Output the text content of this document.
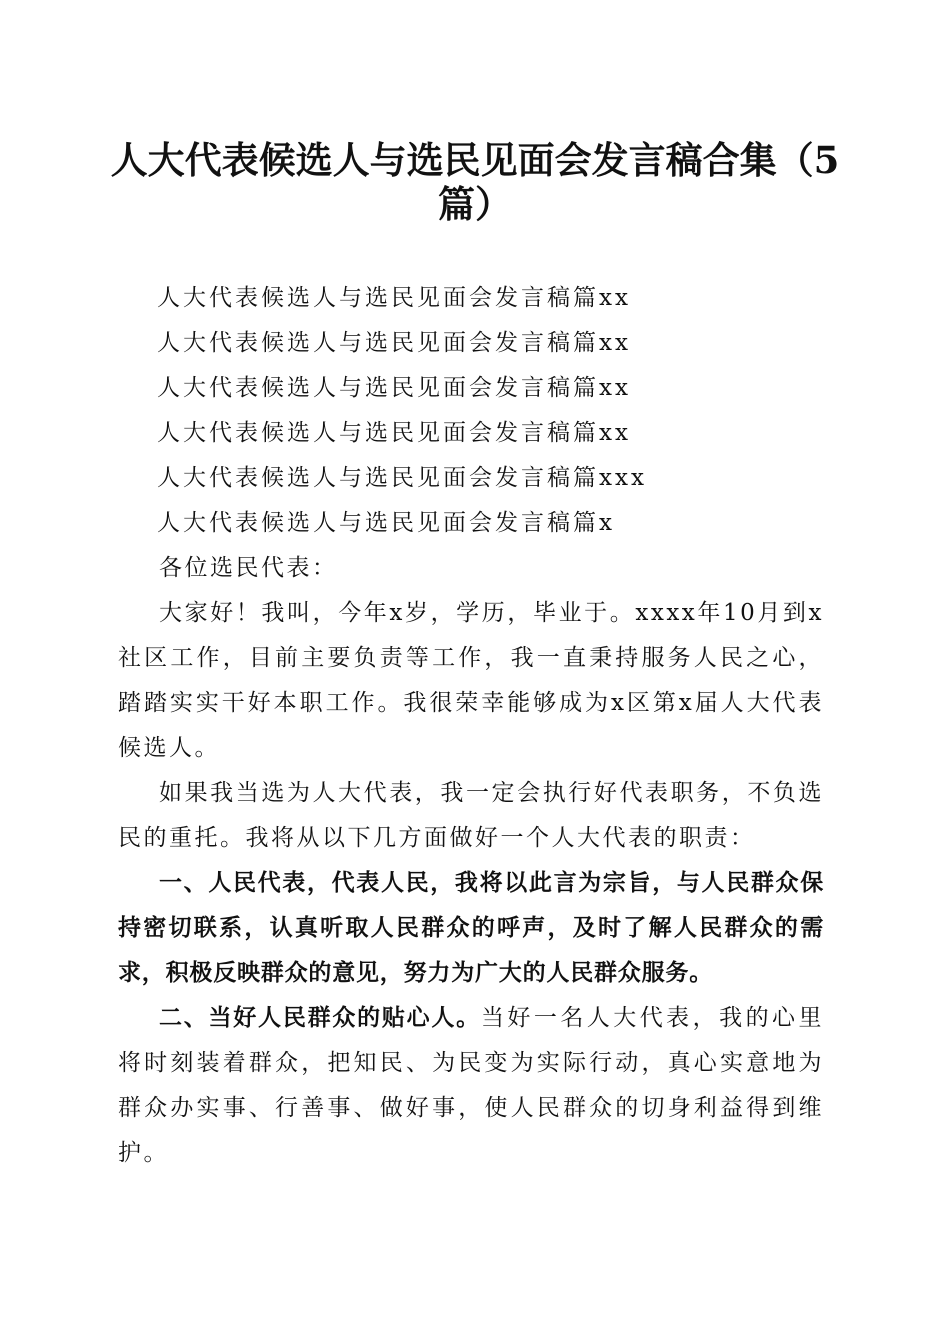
人大代表候选人与选民见面会发言稿合集（5篇）
人大代表候选人与选民见面会发言稿篇xx
人大代表候选人与选民见面会发言稿篇xx
人大代表候选人与选民见面会发言稿篇xx
人大代表候选人与选民见面会发言稿篇xx
人大代表候选人与选民见面会发言稿篇xxx
人大代表候选人与选民见面会发言稿篇x

各位选民代表：

大家好！我叫，今年x岁，学历，毕业于。xxxx年10月到x社区工作，目前主要负责等工作，我一直秉持服务人民之心，踏踏实实干好本职工作。我很荣幸能够成为x区第x届人大代表候选人。

如果我当选为人大代表，我一定会执行好代表职务，不负选民的重托。我将从以下几方面做好一个人大代表的职责：

一、人民代表，代表人民，我将以此言为宗旨，与人民群众保持密切联系，认真听取人民群众的呼声，及时了解人民群众的需求，积极反映群众的意见，努力为广大的人民群众服务。

二、当好人民群众的贴心人。当好一名人大代表，我的心里将时刻装着群众，把知民、为民变为实际行动，真心实意地为群众办实事、行善事、做好事，使人民群众的切身利益得到维护。
